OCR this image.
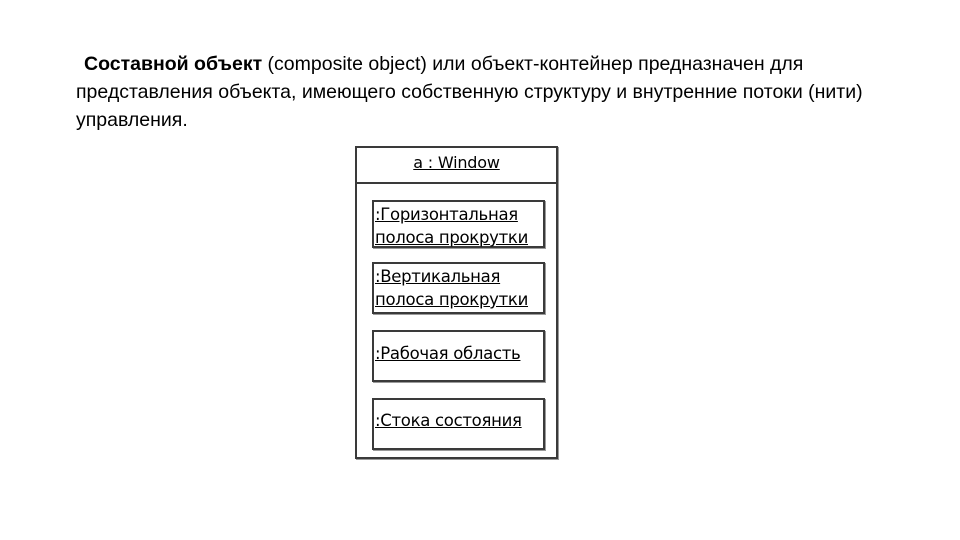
Составной объект (composite object) или объект-контейнер предназначен для представления объекта, имеющего собственную структуру и внутренние потоки (нити) управления.
a : Window
:Горизонтальная
полоса прокрутки
:Вертикальная
полоса прокрутки
:Рабочая область
:Стока состояния
